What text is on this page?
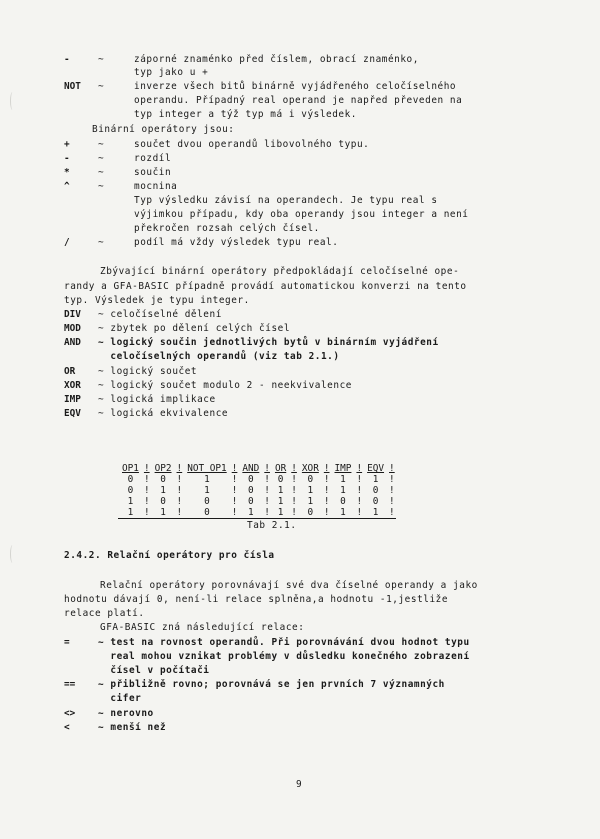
-	~	záporné znaménko před číslem, obrací znaménko,
typ jako u +
NOT ~	inverze všech bitů binárně vyjádřeného celočíselného
operandu. Případný real operand je napřed převeden na
typ integer a týž typ má i výsledek.
Binární operátory jsou:
+	~	součet dvou operandů libovolného typu.
-	~	rozdíl
*	~	součin
^	~	mocnina
Typ výsledku závisí na operandech. Je typu real s
výjimkou případu, kdy oba operandy jsou integer a není
překročen rozsah celých čísel.
/	~	podíl má vždy výsledek typu real.
Zbývající binární operátory předpokládají celočíselné ope-
randy a GFA-BASIC případně provádí automatickou konverzi na tento
typ. Výsledek je typu integer.
DIV ~ celočíselné dělení
MOD ~ zbytek po dělení celých čísel
AND ~ logický součin jednotlivých bytů v binárním vyjádření
celočíselných operandů (viz tab 2.1.)
OR ~ logický součet
XOR ~ logický součet modulo 2 - neekvivalence
IMP ~ logická implikace
EQV ~ logická ekvivalence
OP1	!	OP2	!	NOT OP1	!	AND	!	OR	!	XOR	!	IMP	!	EQV	!
0	!	0	!	1	!	0	!	0	!	0	!	1	!	1	!
0	!	1	!	1	!	0	!	1	!	1	!	1	!	0	!
1	!	0	!	0	!	0	!	1	!	1	!	0	!	0	!
1	!	1	!	0	!	1	!	1	!	0	!	1	!	1	!
Tab 2.1.
2.4.2. Relační operátory pro čísla
Relační operátory porovnávají své dva číselné operandy a jako
hodnotu dávají 0, není-li relace splněna,a hodnotu -1,jestliže
relace platí.
GFA-BASIC zná následující relace:
=	~ test na rovnost operandů. Při porovnávání dvou hodnot typu
real mohou vznikat problémy v důsledku konečného zobrazení
čísel v počítači
== ~ přibližně rovno; porovnává se jen prvních 7 významných
cifer
<> ~ nerovno
<	~ menší než
9
